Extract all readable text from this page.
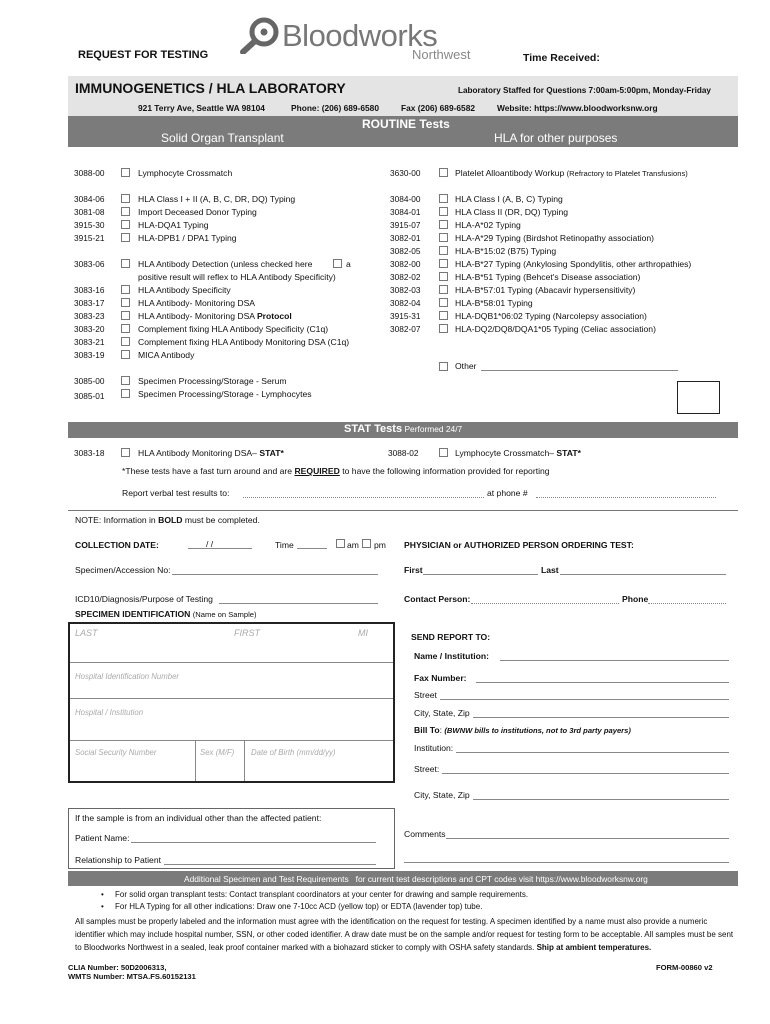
REQUEST FOR TESTING
Bloodworks
Northwest	Time Received:
IMMUNOGENETICS / HLA LABORATORY	Laboratory Staffed for Questions 7:00am-5:00pm, Monday-Friday
921 Terry Ave, Seattle WA 98104	Phone: (206) 689-6580	Fax (206) 689-6582	Website: https://www.bloodworksnw.org
ROUTINE Tests
Solid Organ Transplant	HLA for other purposes
3088-00	Lymphocyte Crossmatch
3084-06	HLA Class I + II (A, B, C, DR, DQ) Typing
3081-08	Import Deceased Donor Typing
3915-30	HLA-DQA1 Typing
3915-21	HLA-DPB1 / DPA1 Typing
3083-06	HLA Antibody Detection (unless checked here	a
positive result will reflex to HLA Antibody Specificity)
3083-16	HLA Antibody Specificity
3083-17	HLA Antibody- Monitoring DSA
3083-23	HLA Antibody- Monitoring DSA Protocol
3083-20	Complement fixing HLA Antibody Specificity (C1q)
3083-21	Complement fixing HLA Antibody Monitoring DSA (C1q)
3083-19	MICA Antibody
3085-00	Specimen Processing/Storage - Serum
3085-01	Specimen Processing/Storage - Lymphocytes
3630-00	Platelet Alloantibody Workup (Refractory to Platelet Transfusions)
3084-00	HLA Class I (A, B, C) Typing
3084-01	HLA Class II (DR, DQ) Typing
3915-07	HLA-A*02 Typing
3082-01	HLA-A*29 Typing (Birdshot Retinopathy association)
3082-05	HLA-B*15:02 (B75) Typing
3082-00	HLA-B*27 Typing (Ankylosing Spondylitis, other arthropathies)
3082-02	HLA-B*51 Typing (Behcet's Disease association)
3082-03	HLA-B*57:01 Typing (Abacavir hypersensitivity)
3082-04	HLA-B*58:01 Typing
3915-31	HLA-DQB1*06:02 Typing (Narcolepsy association)
3082-07	HLA-DQ2/DQ8/DQA1*05 Typing (Celiac association)
Other
STAT Tests Performed 24/7
3083-18	HLA Antibody Monitoring DSA– STAT*	3088-02	Lymphocyte Crossmatch– STAT*
*These tests have a fast turn around and are REQUIRED to have the following information provided for reporting
Report verbal test results to:	at phone #
NOTE: Information in BOLD must be completed.
COLLECTION DATE:	/ /	Time	am pm PHYSICIAN or AUTHORIZED PERSON ORDERING TEST:
Specimen/Accession No:	First	Last
ICD10/Diagnosis/Purpose of Testing	Contact Person:	Phone
SPECIMEN IDENTIFICATION (Name on Sample)
LAST	FIRST	MI
Hospital Identification Number
Hospital / Institution
Social Security Number	Sex (M/F) Date of Birth (mm/dd/yy)
SEND REPORT TO:
Name / Institution:
Fax Number:
Street
City, State, Zip
Bill To: (BWNW bills to institutions, not to 3rd party payers)
Institution:
Street:
City, State, Zip
If the sample is from an individual other than the affected patient:
Patient Name:
Relationship to Patient
Comments
Additional Specimen and Test Requirements for current test descriptions and CPT codes visit https://www.bloodworksnw.org
• For solid organ transplant tests: Contact transplant coordinators at your center for drawing and sample requirements.
• For HLA Typing for all other indications: Draw one 7-10cc ACD (yellow top) or EDTA (lavender top) tube.
All samples must be properly labeled and the information must agree with the identification on the request for testing. A specimen identified by a name must also provide a numeric identifier which may include hospital number, SSN, or other coded identifier. A draw date must be on the sample and/or request for testing form to be acceptable. All samples must be sent to Bloodworks Northwest in a sealed, leak proof container marked with a biohazard sticker to comply with OSHA safety standards. Ship at ambient temperatures.
CLIA Number: 50D2006313,
WMTS Number: MTSA.FS.60152131
FORM-00860 v2
